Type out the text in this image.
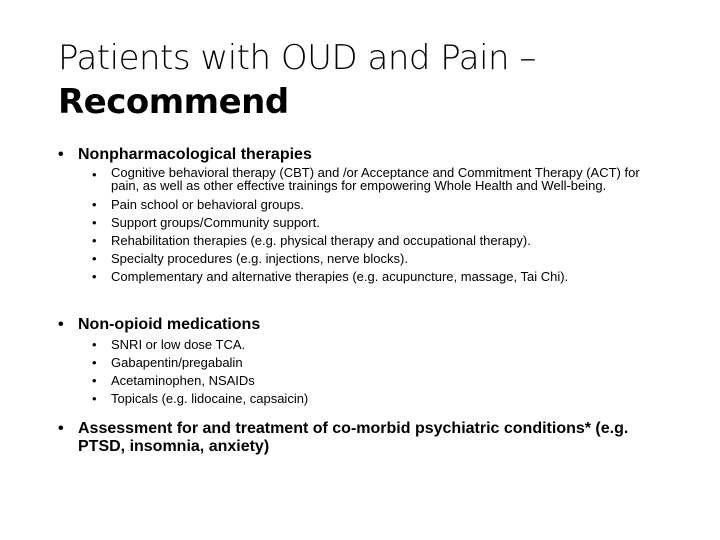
Patients with OUD and Pain –
Recommend
• Nonpharmacological therapies
• Cognitive behavioral therapy (CBT) and /or Acceptance and Commitment Therapy (ACT) for pain, as well as other effective trainings for empowering Whole Health and Well-being.
• Pain school or behavioral groups.
• Support groups/Community support.
• Rehabilitation therapies (e.g. physical therapy and occupational therapy).
• Specialty procedures (e.g. injections, nerve blocks).
• Complementary and alternative therapies (e.g. acupuncture, massage, Tai Chi).
• Non-opioid medications
• SNRI or low dose TCA.
• Gabapentin/pregabalin
• Acetaminophen, NSAIDs
• Topicals (e.g. lidocaine, capsaicin)
• Assessment for and treatment of co-morbid psychiatric conditions* (e.g. PTSD, insomnia, anxiety)
